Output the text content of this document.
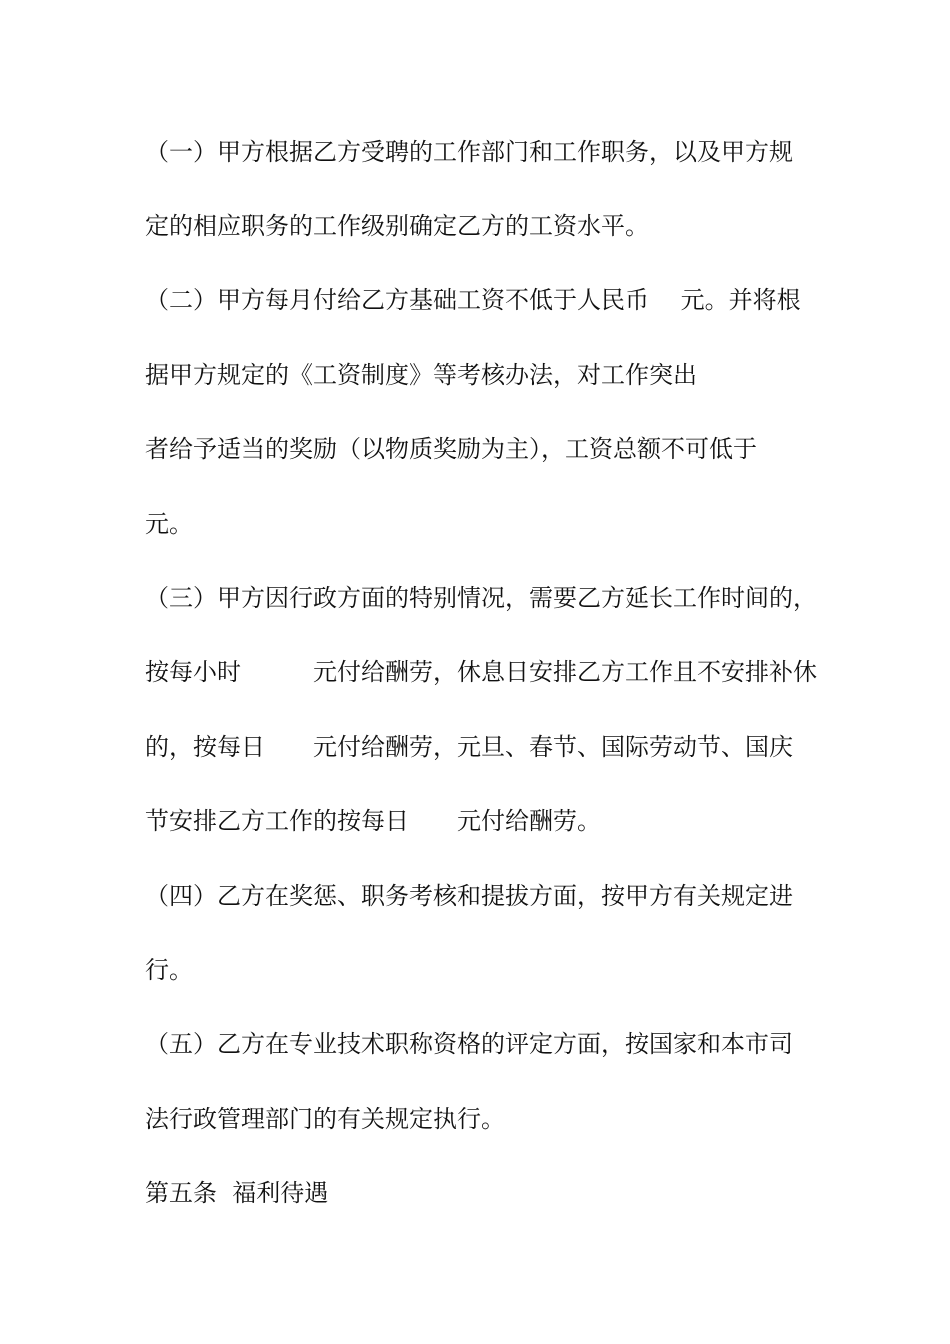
（一）甲方根据乙方受聘的工作部门和工作职务，以及甲方规
定的相应职务的工作级别确定乙方的工资水平。
（二）甲方每月付给乙方基础工资不低于人民币　 元。并将根
据甲方规定的《工资制度》等考核办法，对工作突出
者给予适当的奖励（以物质奖励为主），工资总额不可低于
元。
（三）甲方因行政方面的特别情况，需要乙方延长工作时间的，
按每小时　　　元付给酬劳，休息日安排乙方工作且不安排补休
的，按每日　　元付给酬劳，元旦、春节、国际劳动节、国庆
节安排乙方工作的按每日　　元付给酬劳。
（四）乙方在奖惩、职务考核和提拔方面，按甲方有关规定进
行。
（五）乙方在专业技术职称资格的评定方面，按国家和本市司
法行政管理部门的有关规定执行。
第五条  福利待遇
